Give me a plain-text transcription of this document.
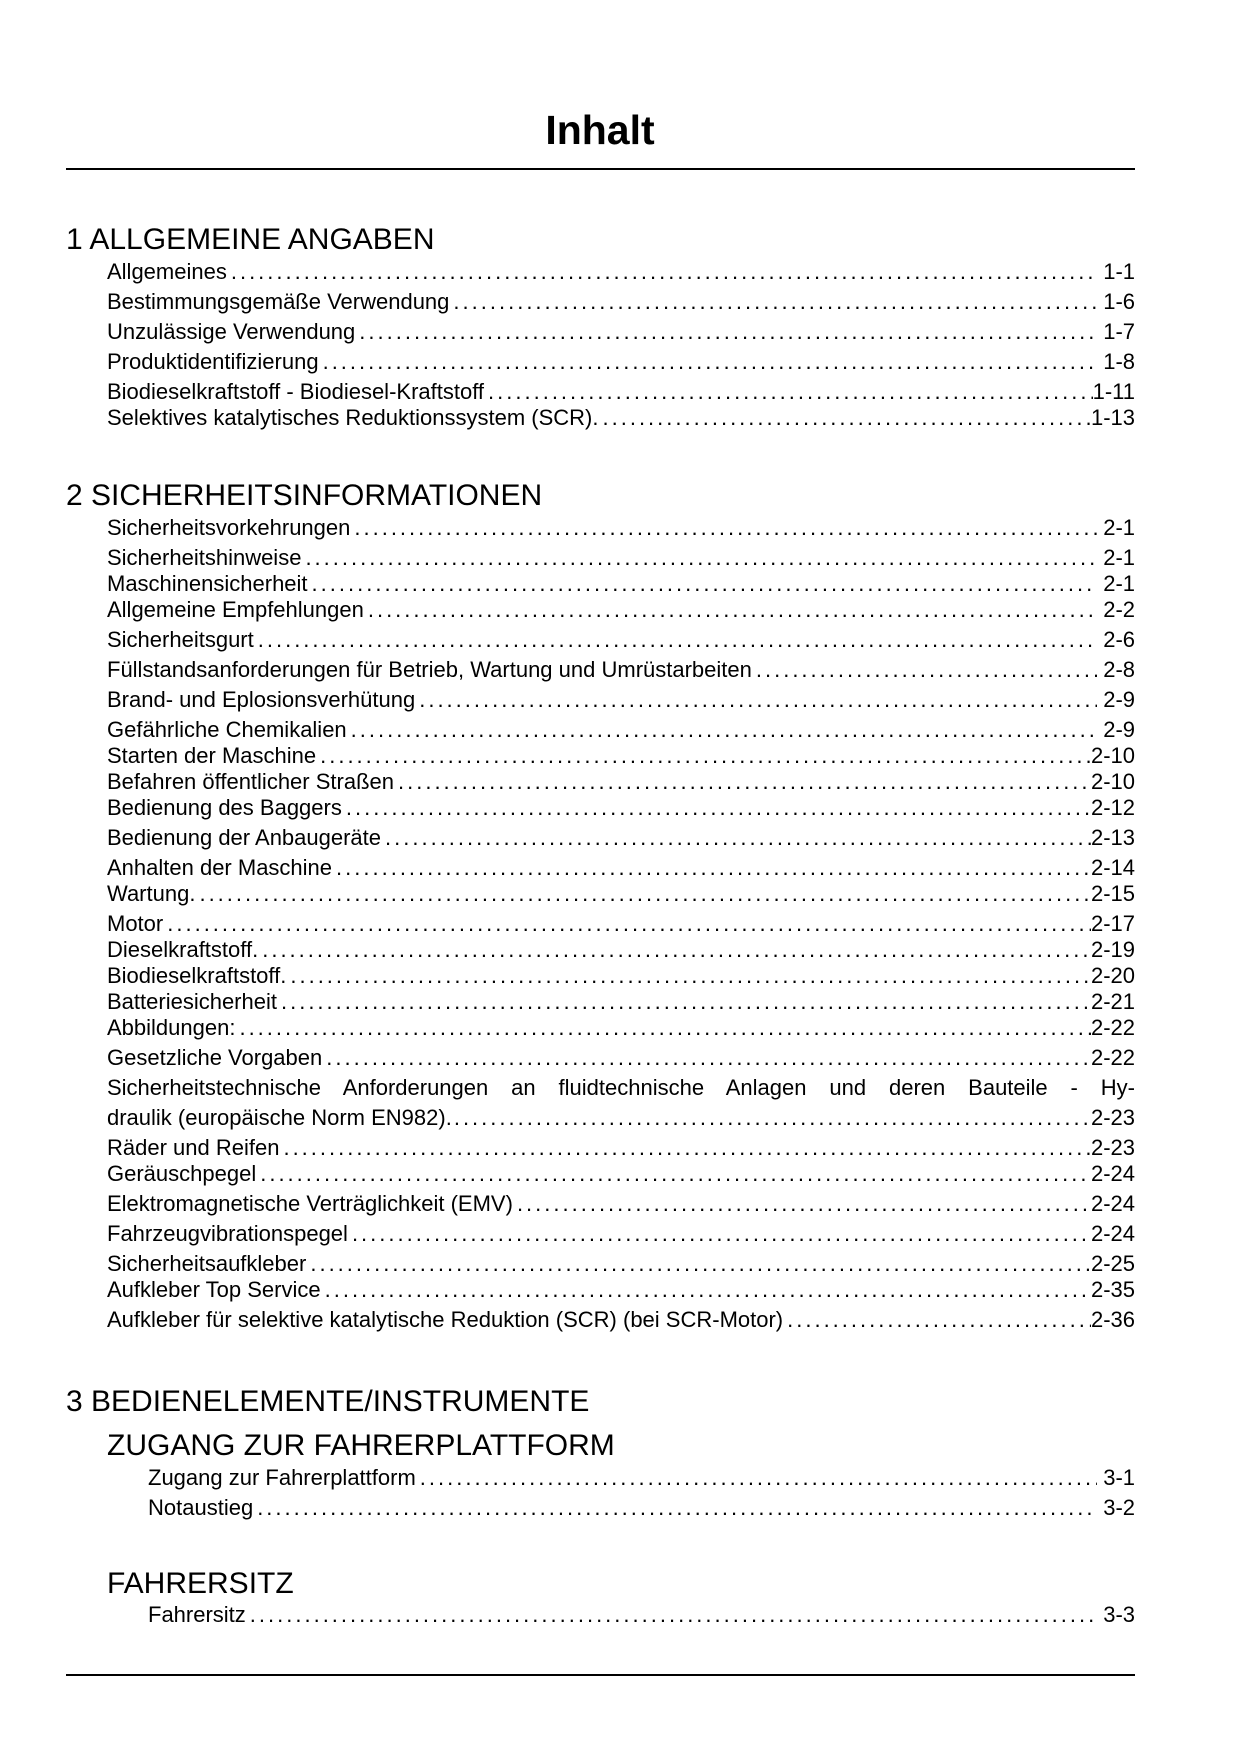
Inhalt
1 ALLGEMEINE ANGABEN
Allgemeines .....	1-1
Bestimmungsgemäße Verwendung .....	1-6
Unzulässige Verwendung .....	1-7
Produktidentifizierung .....	1-8
Biodieselkraftstoff - Biodiesel-Kraftstoff .....	1-11
Selektives katalytisches Reduktionssystem (SCR). .....	1-13
2 SICHERHEITSINFORMATIONEN
Sicherheitsvorkehrungen .....	2-1
Sicherheitshinweise .....	2-1
Maschinensicherheit .....	2-1
Allgemeine Empfehlungen .....	2-2
Sicherheitsgurt .....	2-6
Füllstandsanforderungen für Betrieb, Wartung und Umrüstarbeiten .....	2-8
Brand- und Eplosionsverhütung .....	2-9
Gefährliche Chemikalien .....	2-9
Starten der Maschine .....	2-10
Befahren öffentlicher Straßen .....	2-10
Bedienung des Baggers .....	2-12
Bedienung der Anbaugeräte .....	2-13
Anhalten der Maschine .....	2-14
Wartung. .....	2-15
Motor .....	2-17
Dieselkraftstoff. .....	2-19
Biodieselkraftstoff. .....	2-20
Batteriesicherheit .....	2-21
Abbildungen: .....	2-22
Gesetzliche Vorgaben .....	2-22
Sicherheitstechnische Anforderungen an fluidtechnische Anlagen und deren Bauteile - Hy-
draulik (europäische Norm EN982). .....	2-23
Räder und Reifen .....	2-23
Geräuschpegel .....	2-24
Elektromagnetische Verträglichkeit (EMV) .....	2-24
Fahrzeugvibrationspegel .....	2-24
Sicherheitsaufkleber .....	2-25
Aufkleber Top Service .....	2-35
Aufkleber für selektive katalytische Reduktion (SCR) (bei SCR-Motor) .....	2-36
3 BEDIENELEMENTE/INSTRUMENTE
ZUGANG ZUR FAHRERPLATTFORM
Zugang zur Fahrerplattform .....	3-1
Notaustieg .....	3-2
FAHRERSITZ
Fahrersitz .....	3-3
